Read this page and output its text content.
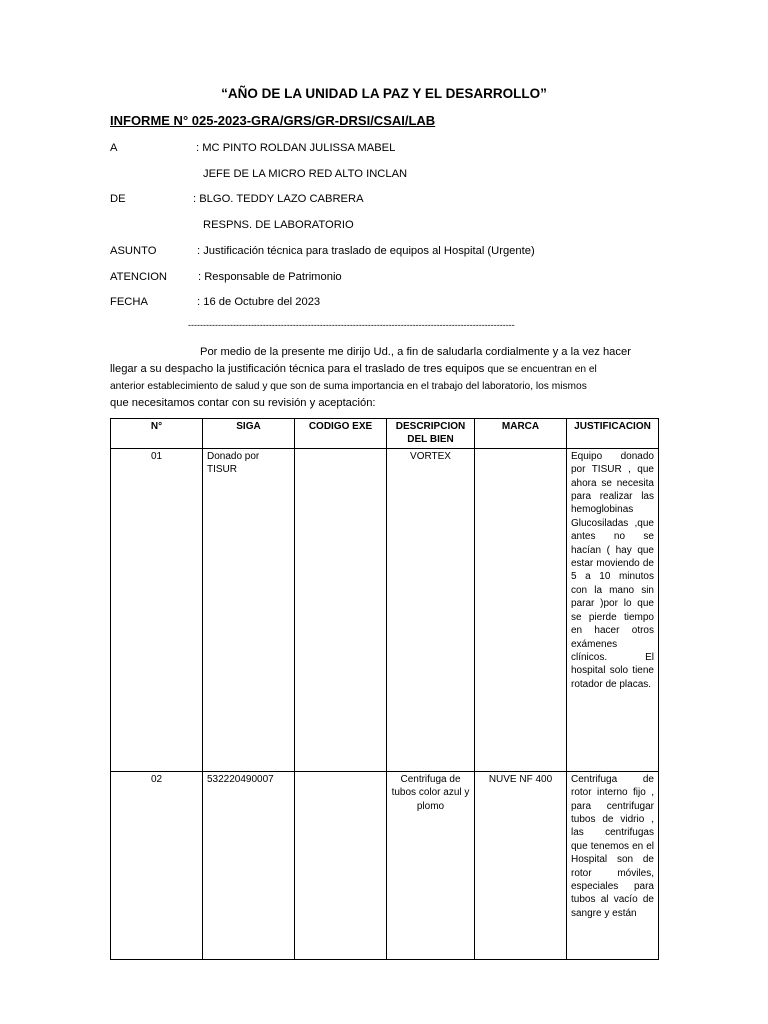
“AÑO DE LA UNIDAD LA PAZ Y EL DESARROLLO”
INFORME N° 025-2023-GRA/GRS/GR-DRSI/CSAI/LAB
A	: MC PINTO ROLDAN JULISSA MABEL
JEFE DE LA MICRO RED ALTO INCLAN
DE	: BLGO. TEDDY LAZO CABRERA
RESPNS. DE LABORATORIO
ASUNTO	: Justificación técnica para traslado de equipos al Hospital (Urgente)
ATENCION	: Responsable de Patrimonio
FECHA	: 16 de Octubre del 2023
-------------------------------------------------------------------------------------------------------------

Por medio de la presente me dirijo Ud., a fin de saludarla cordialmente y a la vez hacer

llegar a su despacho la justificación técnica para el traslado de tres equipos que se encuentran en el

anterior establecimiento de salud y que son de suma importancia en el trabajo del laboratorio, los mismos

que necesitamos contar con su revisión y aceptación:

N°	SIGA	CODIGO EXE	DESCRIPCION DEL BIEN	MARCA	JUSTIFICACION
01	Donado por TISUR		VORTEX		Equipo donado por TISUR , que ahora se necesita para realizar las hemoglobinas Glucosiladas ,que antes no se hacían ( hay que estar moviendo de 5 a 10 minutos con la mano sin parar )por lo que se pierde tiempo en hacer otros exámenes clínicos. El hospital solo tiene rotador de placas.
02	532220490007		Centrifuga de tubos color azul y plomo	NUVE NF 400	Centrifuga de rotor interno fijo , para centrifugar tubos de vidrio , las centrifugas que tenemos en el Hospital son de rotor móviles, especiales para tubos al vacío de sangre y están
